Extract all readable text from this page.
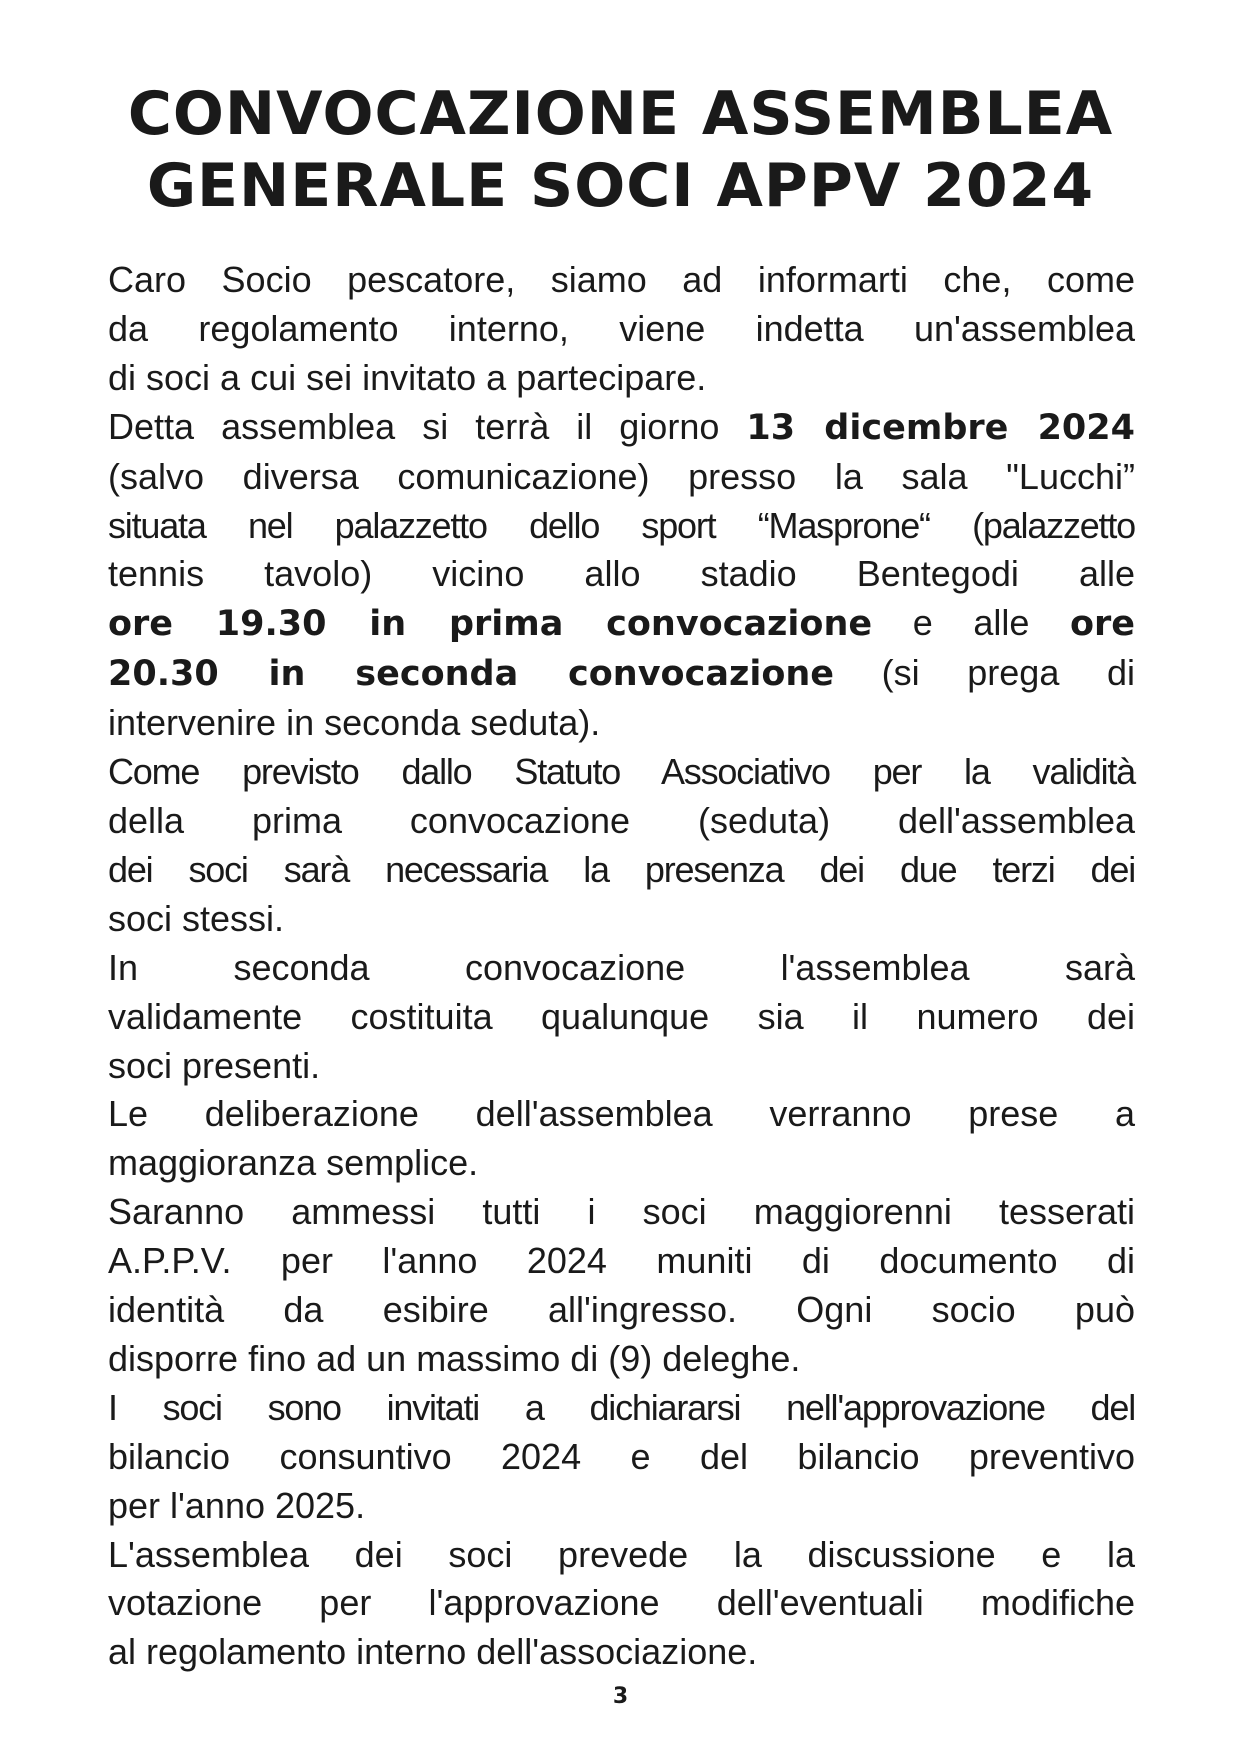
CONVOCAZIONE ASSEMBLEA
GENERALE SOCI APPV 2024
Caro Socio pescatore, siamo ad informarti che, come
da regolamento interno, viene indetta un'assemblea
di soci a cui sei invitato a partecipare.
Detta assemblea si terrà il giorno 13 dicembre 2024
(salvo diversa comunicazione) presso la sala "Lucchi”
situata nel palazzetto dello sport “Masprone“ (palazzetto
tennis tavolo) vicino allo stadio Bentegodi alle
ore 19.30 in prima convocazione e alle ore
20.30 in seconda convocazione (si prega di
intervenire in seconda seduta).
Come previsto dallo Statuto Associativo per la validità
della prima convocazione (seduta) dell'assemblea
dei soci sarà necessaria la presenza dei due terzi dei
soci stessi.
In seconda convocazione l'assemblea sarà
validamente costituita qualunque sia il numero dei
soci presenti.
Le deliberazione dell'assemblea verranno prese a
maggioranza semplice.
Saranno ammessi tutti i soci maggiorenni tesserati
A.P.P.V. per l'anno 2024 muniti di documento di
identità da esibire all'ingresso. Ogni socio può
disporre fino ad un massimo di (9) deleghe.
I soci sono invitati a dichiararsi nell'approvazione del
bilancio consuntivo 2024 e del bilancio preventivo
per l'anno 2025.
L'assemblea dei soci prevede la discussione e la
votazione per l'approvazione dell'eventuali modifiche
al regolamento interno dell'associazione.
3
